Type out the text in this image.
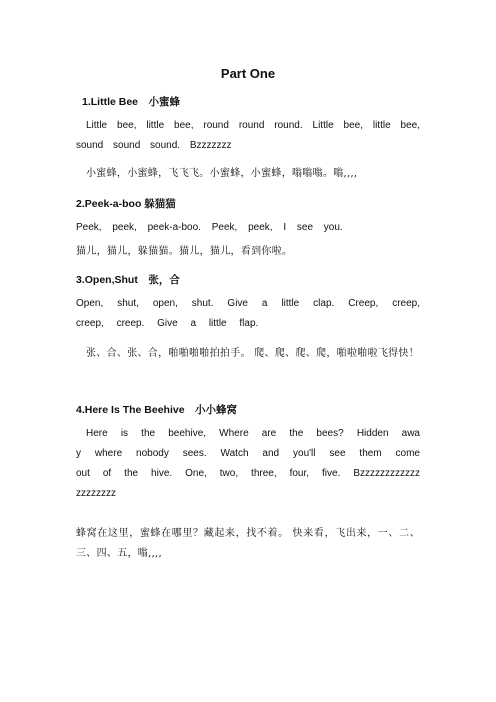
Part One
1.Little Bee　小蜜蜂
Little bee, little bee, round round round. Little bee, little bee, sound sound sound. Bzzzzzzz
小蜜蜂，小蜜蜂，飞飞飞。小蜜蜂，小蜜蜂，嗡嗡嗡。嗡,,,,
2.Peek-a-boo 躲猫猫
Peek, peek, peek-a-boo. Peek, peek, I see you.
猫儿，猫儿，躲猫猫。猫儿，猫儿，看到你啦。
3.Open,Shut　张，合
Open, shut, open, shut. Give a little clap. Creep, creep, creep, creep. Give a little flap.
张、合、张、合，啪啪啪啪拍拍手。 爬、爬、爬、爬，啪啦啪啦飞得快！
4.Here Is The Beehive　小小蜂窝
Here is the beehive, Where are the bees? Hidden away where nobody sees. Watch and you'll see them come out of the hive. One, two, three, four, five. Bzzzzzzzzzzzzzzzzzzzz
蜂窝在这里，蜜蜂在哪里？藏起来，找不着。 快来看，飞出来，一、二、三、四、五，嗡,,,,
